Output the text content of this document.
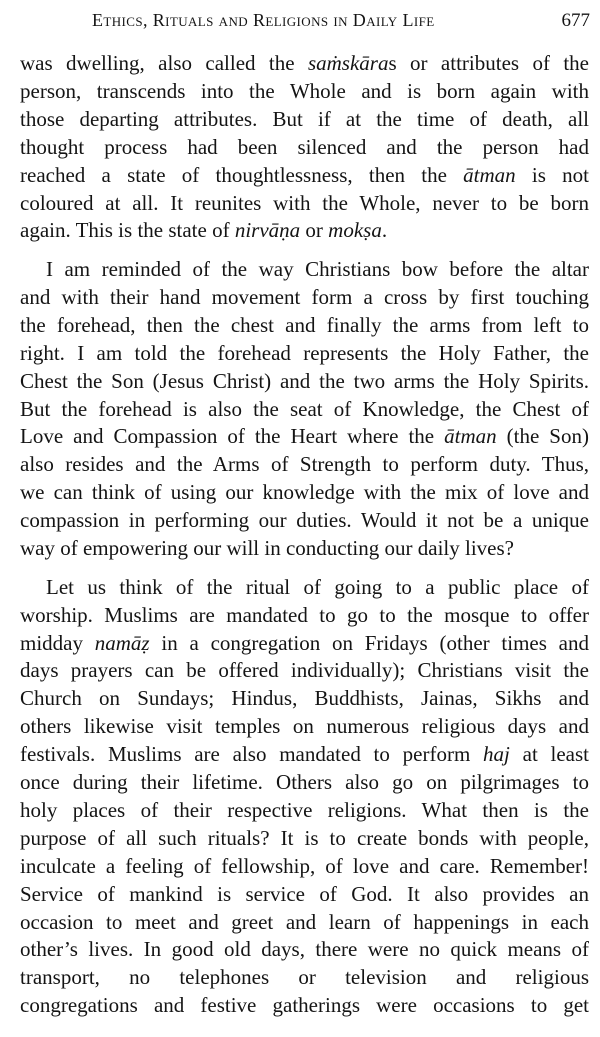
Ethics, Rituals and Religions in Daily Life	677

was dwelling, also called the saṁskāras or attributes of the
person, transcends into the Whole and is born again with
those departing attributes. But if at the time of death, all
thought process had been silenced and the person had
reached a state of thoughtlessness, then the ātman is not
coloured at all. It reunites with the Whole, never to be born
again. This is the state of nirvāṇa or mokṣa.

I am reminded of the way Christians bow before the altar
and with their hand movement form a cross by first touching
the forehead, then the chest and finally the arms from left to
right. I am told the forehead represents the Holy Father, the
Chest the Son (Jesus Christ) and the two arms the Holy Spirits.
But the forehead is also the seat of Knowledge, the Chest of
Love and Compassion of the Heart where the ātman (the Son)
also resides and the Arms of Strength to perform duty. Thus,
we can think of using our knowledge with the mix of love and
compassion in performing our duties. Would it not be a unique
way of empowering our will in conducting our daily lives?

Let us think of the ritual of going to a public place of
worship. Muslims are mandated to go to the mosque to offer
midday namāẓ in a congregation on Fridays (other times and
days prayers can be offered individually); Christians visit the
Church on Sundays; Hindus, Buddhists, Jainas, Sikhs and
others likewise visit temples on numerous religious days and
festivals. Muslims are also mandated to perform haj at least
once during their lifetime. Others also go on pilgrimages to
holy places of their respective religions. What then is the
purpose of all such rituals? It is to create bonds with people,
inculcate a feeling of fellowship, of love and care. Remember!
Service of mankind is service of God. It also provides an
occasion to meet and greet and learn of happenings in each
other’s lives. In good old days, there were no quick means of
transport, no telephones or television and religious
congregations and festive gatherings were occasions to get
